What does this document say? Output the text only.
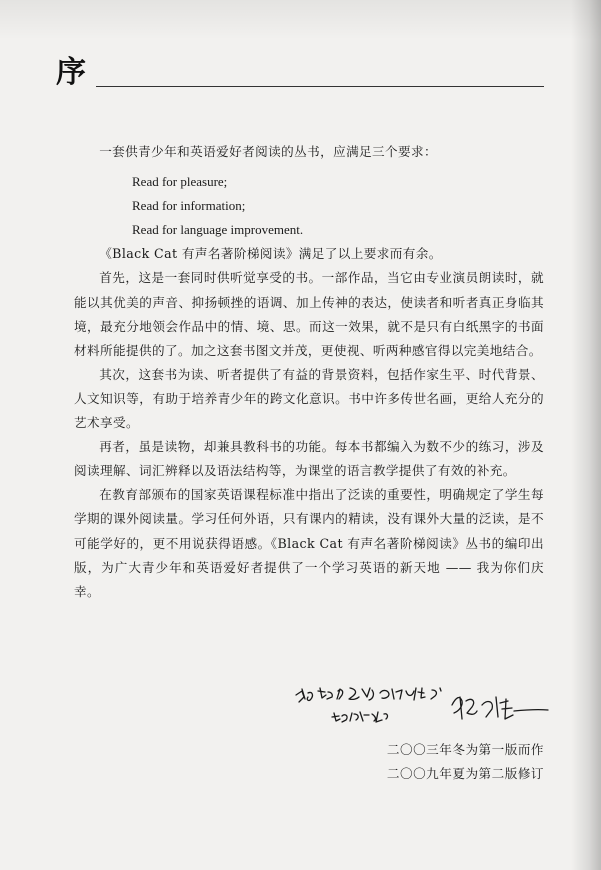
序

一套供青少年和英语爱好者阅读的丛书，应满足三个要求：

Read for pleasure;

Read for information;

Read for language improvement.

《Black Cat 有声名著阶梯阅读》满足了以上要求而有余。

首先，这是一套同时供听觉享受的书。一部作品，当它由专业演员朗读时，就能以其优美的声音、抑扬顿挫的语调、加上传神的表达，使读者和听者真正身临其境，最充分地领会作品中的情、境、思。而这一效果，就不是只有白纸黑字的书面材料所能提供的了。加之这套书图文并茂，更使视、听两种感官得以完美地结合。

其次，这套书为读、听者提供了有益的背景资料，包括作家生平、时代背景、人文知识等，有助于培养青少年的跨文化意识。书中许多传世名画，更给人充分的艺术享受。

再者，虽是读物，却兼具教科书的功能。每本书都编入为数不少的练习，涉及阅读理解、词汇辨释以及语法结构等，为课堂的语言教学提供了有效的补充。

在教育部颁布的国家英语课程标准中指出了泛读的重要性，明确规定了学生每学期的课外阅读量。学习任何外语，只有课内的精读，没有课外大量的泛读，是不可能学好的，更不用说获得语感。《Black Cat 有声名著阶梯阅读》丛书的编印出版，为广大青少年和英语爱好者提供了一个学习英语的新天地 —— 我为你们庆幸。

二〇〇三年冬为第一版而作
二〇〇九年夏为第二版修订
